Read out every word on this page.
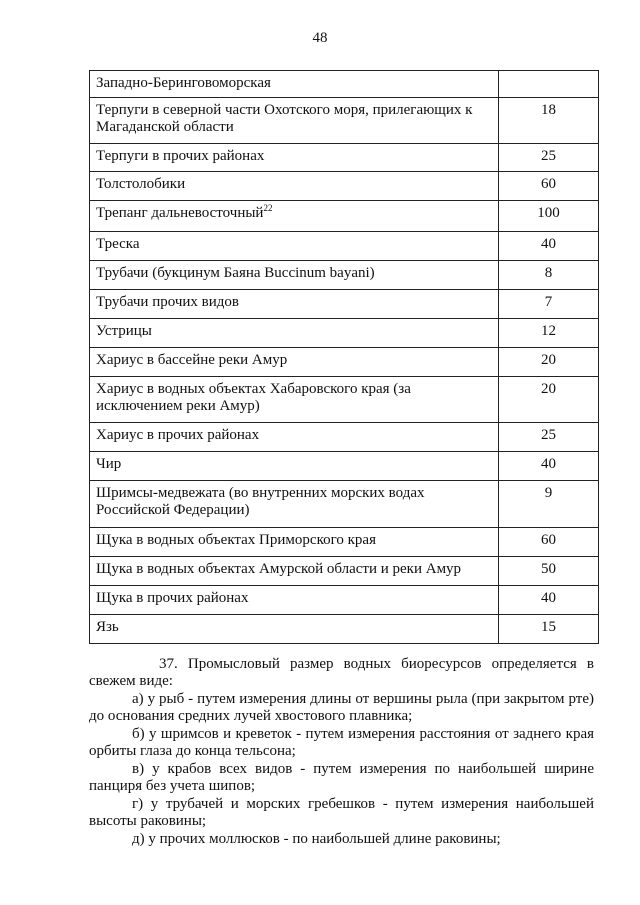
48
Западно-Беринговоморская	
Терпуги в северной части Охотского моря, прилегающих к Магаданской области	18
Терпуги в прочих районах	25
Толстолобики	60
Трепанг дальневосточный$^{22}$	100
Треска	40
Трубачи (букцинум Баяна Buccinum bayani)	8
Трубачи прочих видов	7
Устрицы	12
Хариус в бассейне реки Амур	20
Хариус в водных объектах Хабаровского края (за исключением реки Амур)	20
Хариус в прочих районах	25
Чир	40
Шримсы-медвежата (во внутренних морских водах Российской Федерации)	9
Щука в водных объектах Приморского края	60
Щука в водных объектах Амурской области и реки Амур	50
Щука в прочих районах	40
Язь	15

37. Промысловый размер водных биоресурсов определяется в свежем виде:

а) у рыб - путем измерения длины от вершины рыла (при закрытом рте) до основания средних лучей хвостового плавника;

б) у шримсов и креветок - путем измерения расстояния от заднего края орбиты глаза до конца тельсона;

в) у крабов всех видов - путем измерения по наибольшей ширине панциря без учета шипов;

г) у трубачей и морских гребешков - путем измерения наибольшей высоты раковины;

д) у прочих моллюсков - по наибольшей длине раковины;
